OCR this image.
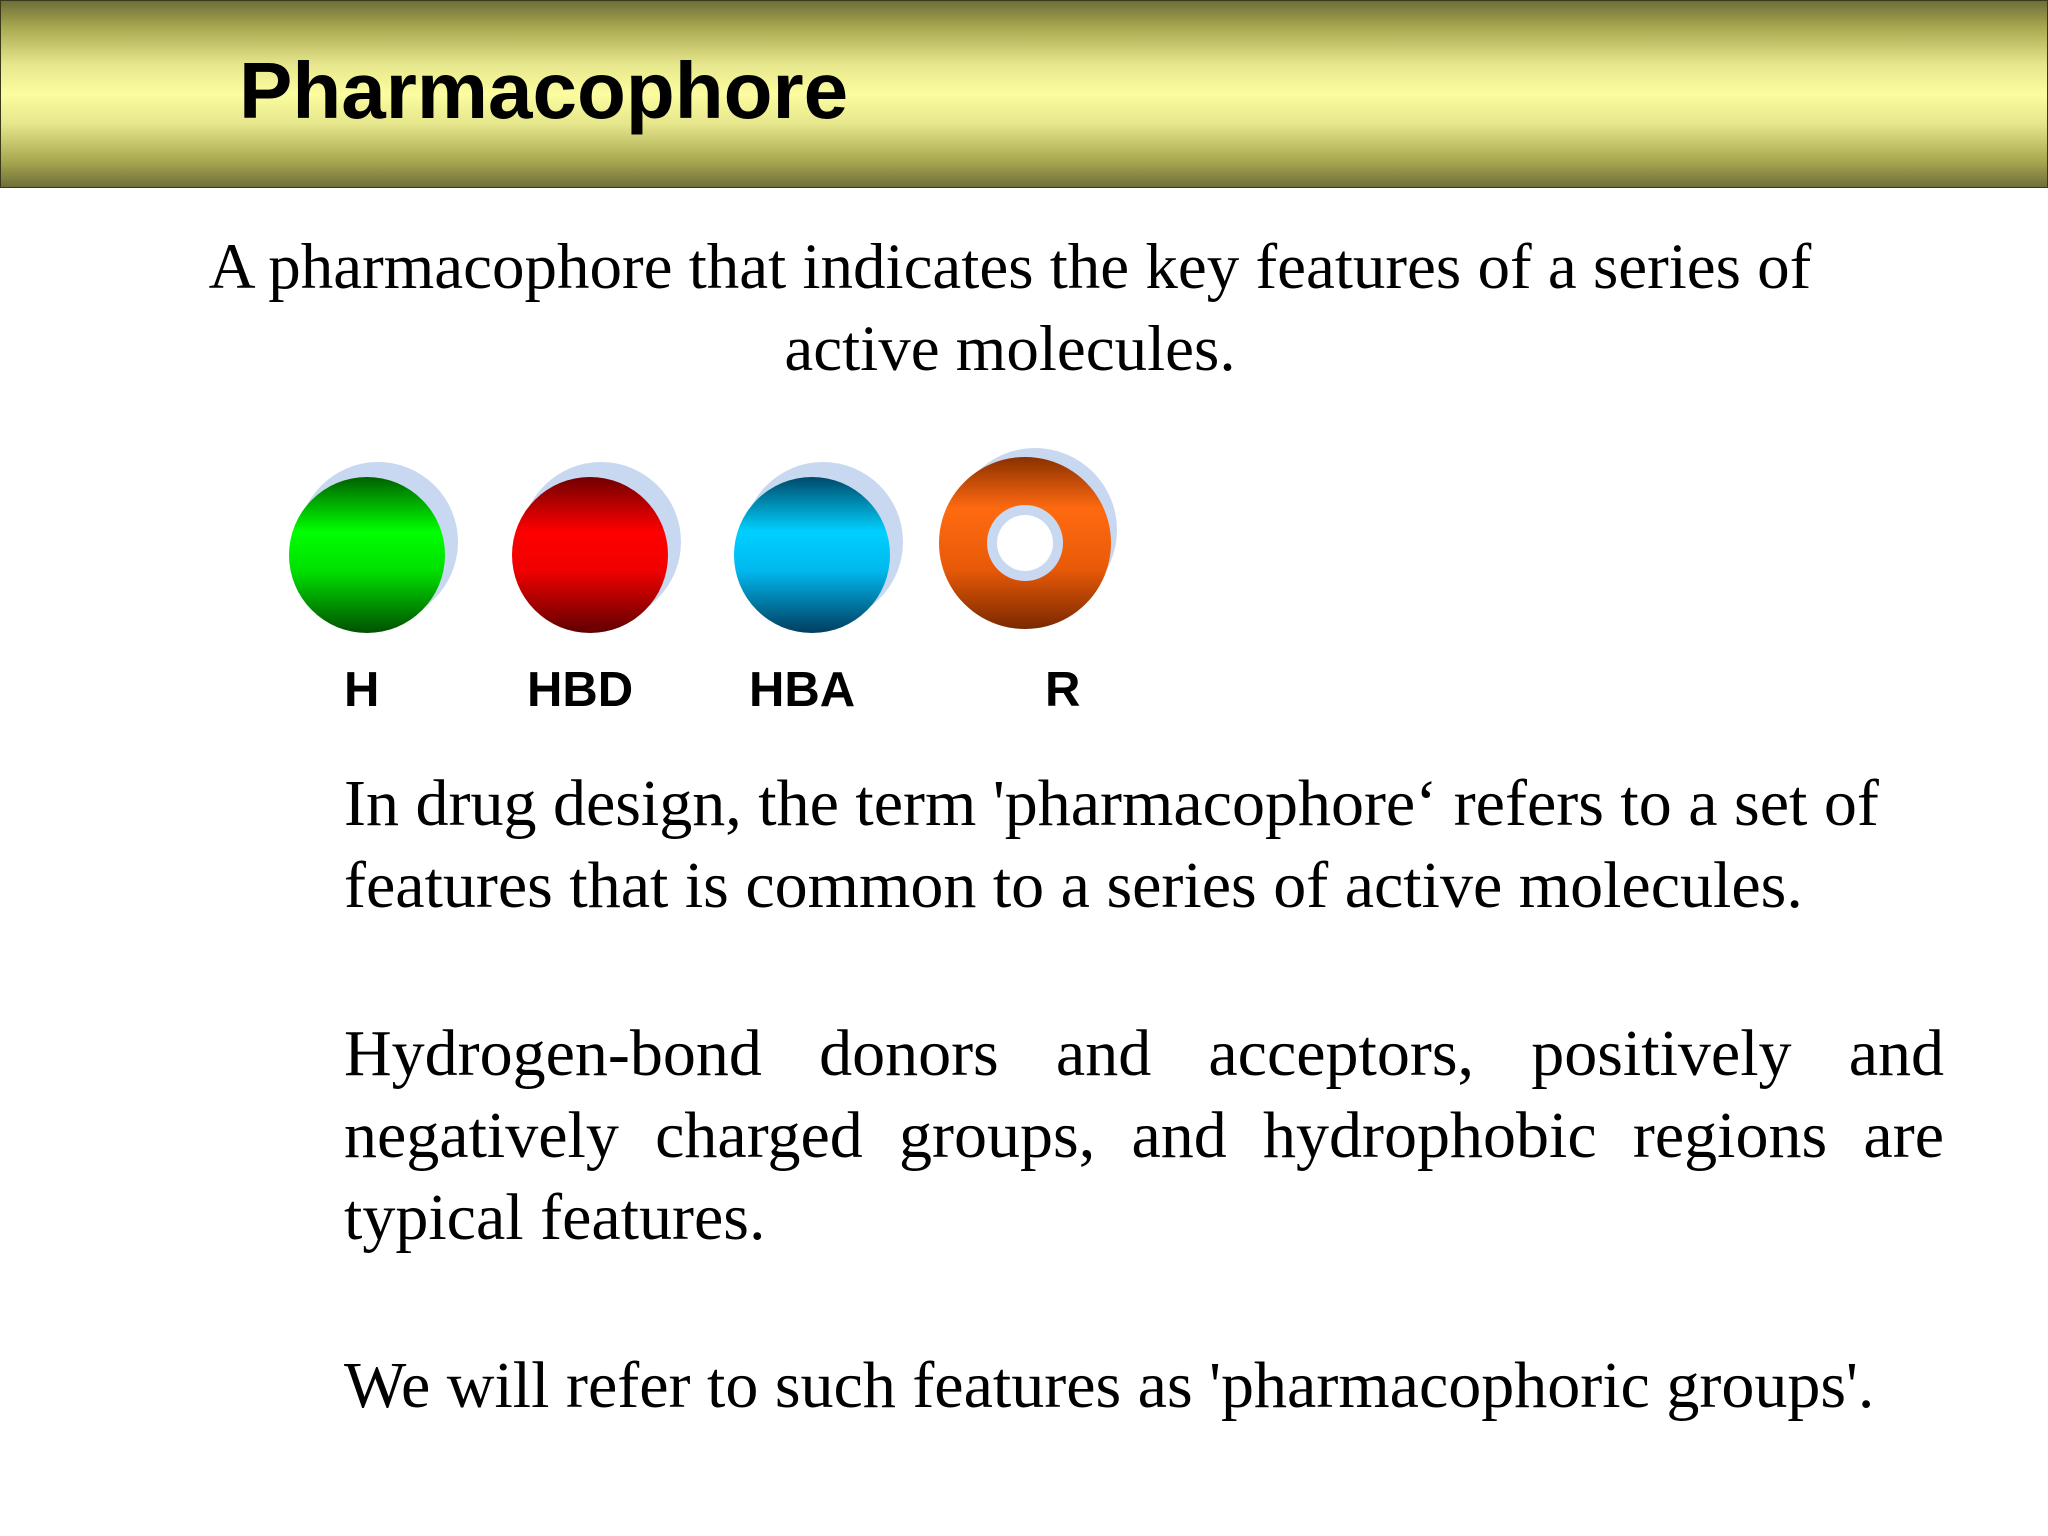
Pharmacophore

A pharmacophore that indicates the key features of a series of active molecules.

H	HBD HBA	R

In drug design, the term 'pharmacophore‘ refers to a set of features that is common to a series of active molecules.

Hydrogen-bond donors and acceptors, positively and negatively charged groups, and hydrophobic regions are typical features.

We will refer to such features as 'pharmacophoric groups'.
